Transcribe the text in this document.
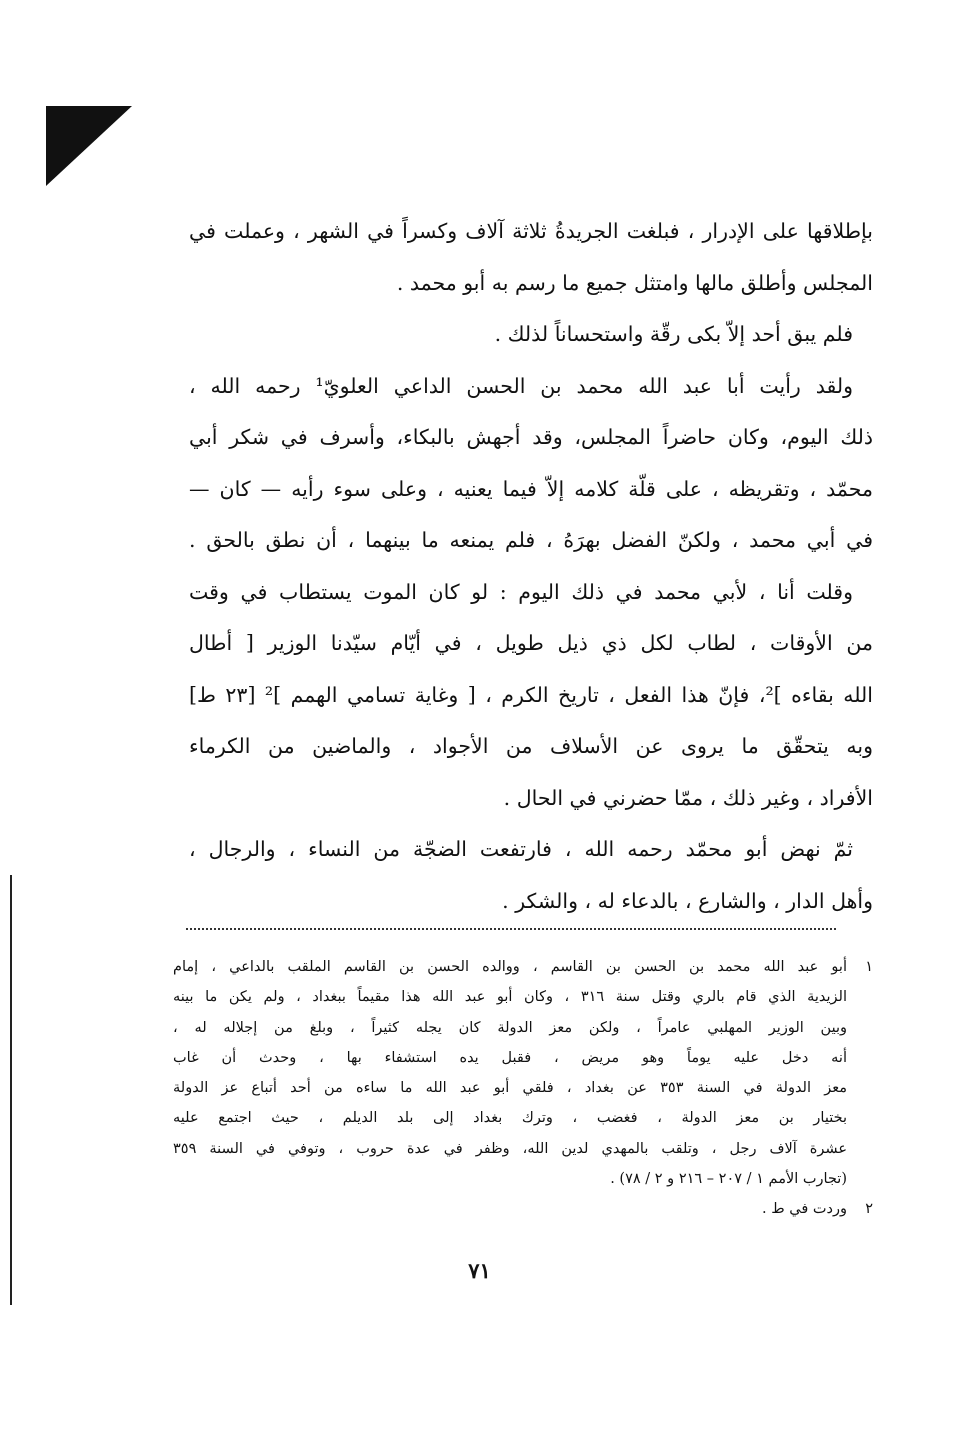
بإطلاقها على الإدرار ، فبلغت الجريدةُ ثلاثة آلاف وكسراً في الشهر ، وعملت في
المجلس وأطلق مالها وامتثل جميع ما رسم به أبو محمد .
فلم يبق أحد إلاّ بكى رقّة واستحساناً لذلك .
ولقد رأيت أبا عبد الله محمد بن الحسن الداعي العلويّ¹ رحمه الله ،
ذلك اليوم، وكان حاضراً المجلس، وقد أجهش بالبكاء، وأسرف في شكر أبي
محمّد ، وتقريظه ، على قلّة كلامه إلاّ فيما يعنيه ، وعلى سوء رأيه — كان —
في أبي محمد ، ولكنّ الفضل بهرَهُ ، فلم يمنعه ما بينهما ، أن نطق بالحق .
وقلت أنا ، لأبي محمد في ذلك اليوم : لو كان الموت يستطاب في وقت
من الأوقات ، لطاب لكل ذي ذيل طويل ، في أيّام سيّدنا الوزير [ أطال
الله بقاءه ]²، فإنّ هذا الفعل ، تاريخ الكرم ، [ وغاية تسامي الهمم ]² [٢٣ ط]
وبه يتحقّق ما يروى عن الأسلاف من الأجواد ، والماضين من الكرماء
الأفراد ، وغير ذلك ، ممّا حضرني في الحال .
ثمّ نهض أبو محمّد رحمه الله ، فارتفعت الضجّة من النساء ، والرجال ،
وأهل الدار ، والشارع ، بالدعاء له ، والشكر .
١أبو عبد الله محمد بن الحسن بن القاسم ، ووالده الحسن بن القاسم الملقب بالداعي ، إمام
الزيدية الذي قام بالري وقتل سنة ٣١٦ ، وكان أبو عبد الله هذا مقيماً ببغداد ، ولم يكن ما بينه
وبين الوزير المهلبي عامراً ، ولكن معز الدولة كان يجله كثيراً ، وبلغ من إجلاله له ،
أنه دخل عليه يوماً وهو مريض ، فقبل يده استشفاء بها ، وحدث أن غاب
معز الدولة في السنة ٣٥٣ عن بغداد ، فلقي أبو عبد الله ما ساءه من أحد أتباع عز الدولة
بختيار بن معز الدولة ، فغضب ، وترك بغداد إلى بلد الديلم ، حيث اجتمع عليه
عشرة آلاف رجل ، وتلقب بالمهدي لدين الله، وظفر في عدة حروب ، وتوفي في السنة ٣٥٩
(تجارب الأمم ١ / ٢٠٧ – ٢١٦ و ٢ / ٧٨) .
٢وردت في ط .
٧١
